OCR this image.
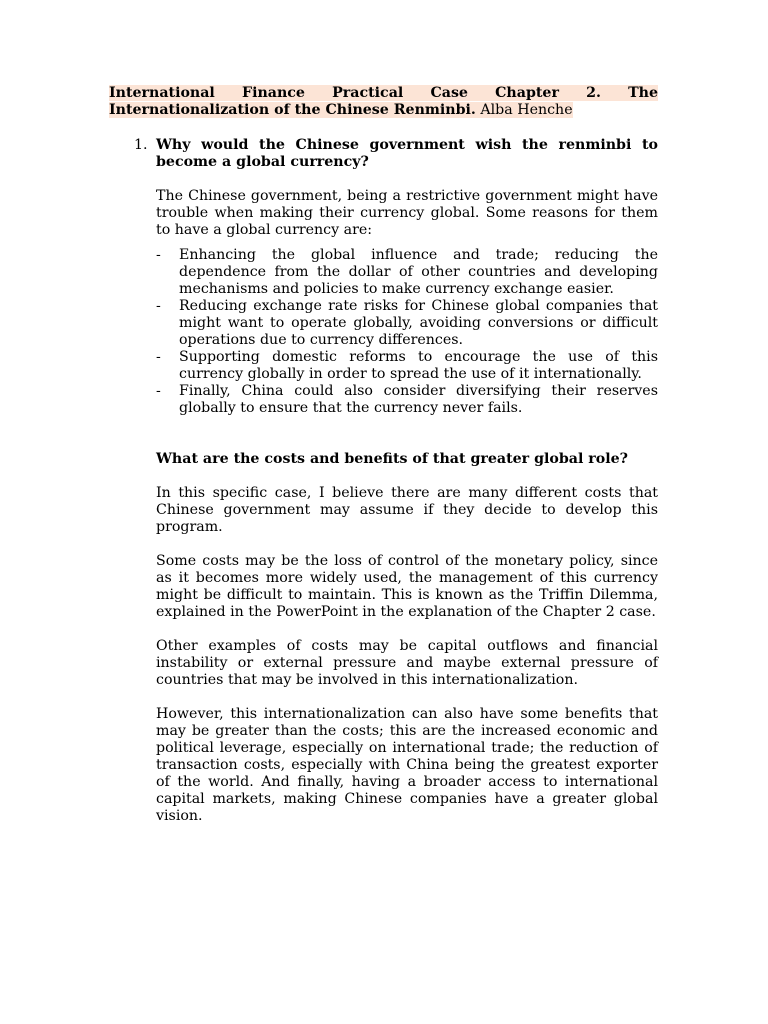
International Finance Practical Case Chapter 2. The Internationalization of the Chinese Renminbi. Alba Henche
1. Why would the Chinese government wish the renminbi to become a global currency?

The Chinese government, being a restrictive government might have trouble when making their currency global. Some reasons for them to have a global currency are:

-	Enhancing the global influence and trade; reducing the dependence from the dollar of other countries and developing mechanisms and policies to make currency exchange easier.
-	Reducing exchange rate risks for Chinese global companies that might want to operate globally, avoiding conversions or difficult operations due to currency differences.
-	Supporting domestic reforms to encourage the use of this currency globally in order to spread the use of it internationally.
-	Finally, China could also consider diversifying their reserves globally to ensure that the currency never fails.

What are the costs and benefits of that greater global role?

In this specific case, I believe there are many different costs that Chinese government may assume if they decide to develop this program.

Some costs may be the loss of control of the monetary policy, since as it becomes more widely used, the management of this currency might be difficult to maintain. This is known as the Triffin Dilemma, explained in the PowerPoint in the explanation of the Chapter 2 case.

Other examples of costs may be capital outflows and financial instability or external pressure and maybe external pressure of countries that may be involved in this internationalization.

However, this internationalization can also have some benefits that may be greater than the costs; this are the increased economic and political leverage, especially on international trade; the reduction of transaction costs, especially with China being the greatest exporter of the world. And finally, having a broader access to international capital markets, making Chinese companies have a greater global vision.
